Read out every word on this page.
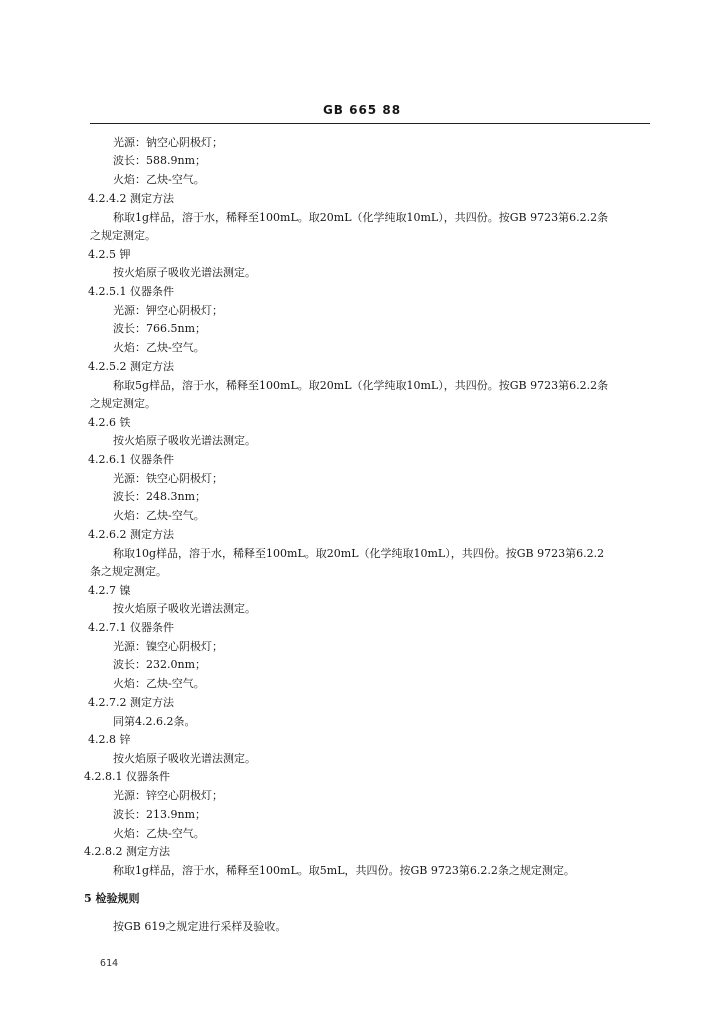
GB 665 88
光源：钠空心阴极灯；
波长：588.9nm；
火焰：乙炔-空气。
4.2.4.2 测定方法
称取1g样品，溶于水，稀释至100mL。取20mL（化学纯取10mL），共四份。按GB 9723第6.2.2条
之规定测定。
4.2.5 钾
按火焰原子吸收光谱法测定。
4.2.5.1 仪器条件
光源：钾空心阴极灯；
波长：766.5nm；
火焰：乙炔-空气。
4.2.5.2 测定方法
称取5g样品，溶于水，稀释至100mL。取20mL（化学纯取10mL），共四份。按GB 9723第6.2.2条
之规定测定。
4.2.6 铁
按火焰原子吸收光谱法测定。
4.2.6.1 仪器条件
光源：铁空心阴极灯；
波长：248.3nm；
火焰：乙炔-空气。
4.2.6.2 测定方法
称取10g样品，溶于水，稀释至100mL。取20mL（化学纯取10mL），共四份。按GB 9723第6.2.2
条之规定测定。
4.2.7 镍
按火焰原子吸收光谱法测定。
4.2.7.1 仪器条件
光源：镍空心阴极灯；
波长：232.0nm；
火焰：乙炔-空气。
4.2.7.2 测定方法
同第4.2.6.2条。
4.2.8 锌
按火焰原子吸收光谱法测定。
4.2.8.1 仪器条件
光源：锌空心阴极灯；
波长：213.9nm；
火焰：乙炔-空气。
4.2.8.2 测定方法
称取1g样品，溶于水，稀释至100mL。取5mL，共四份。按GB 9723第6.2.2条之规定测定。
5 检验规则
按GB 619之规定进行采样及验收。
614
